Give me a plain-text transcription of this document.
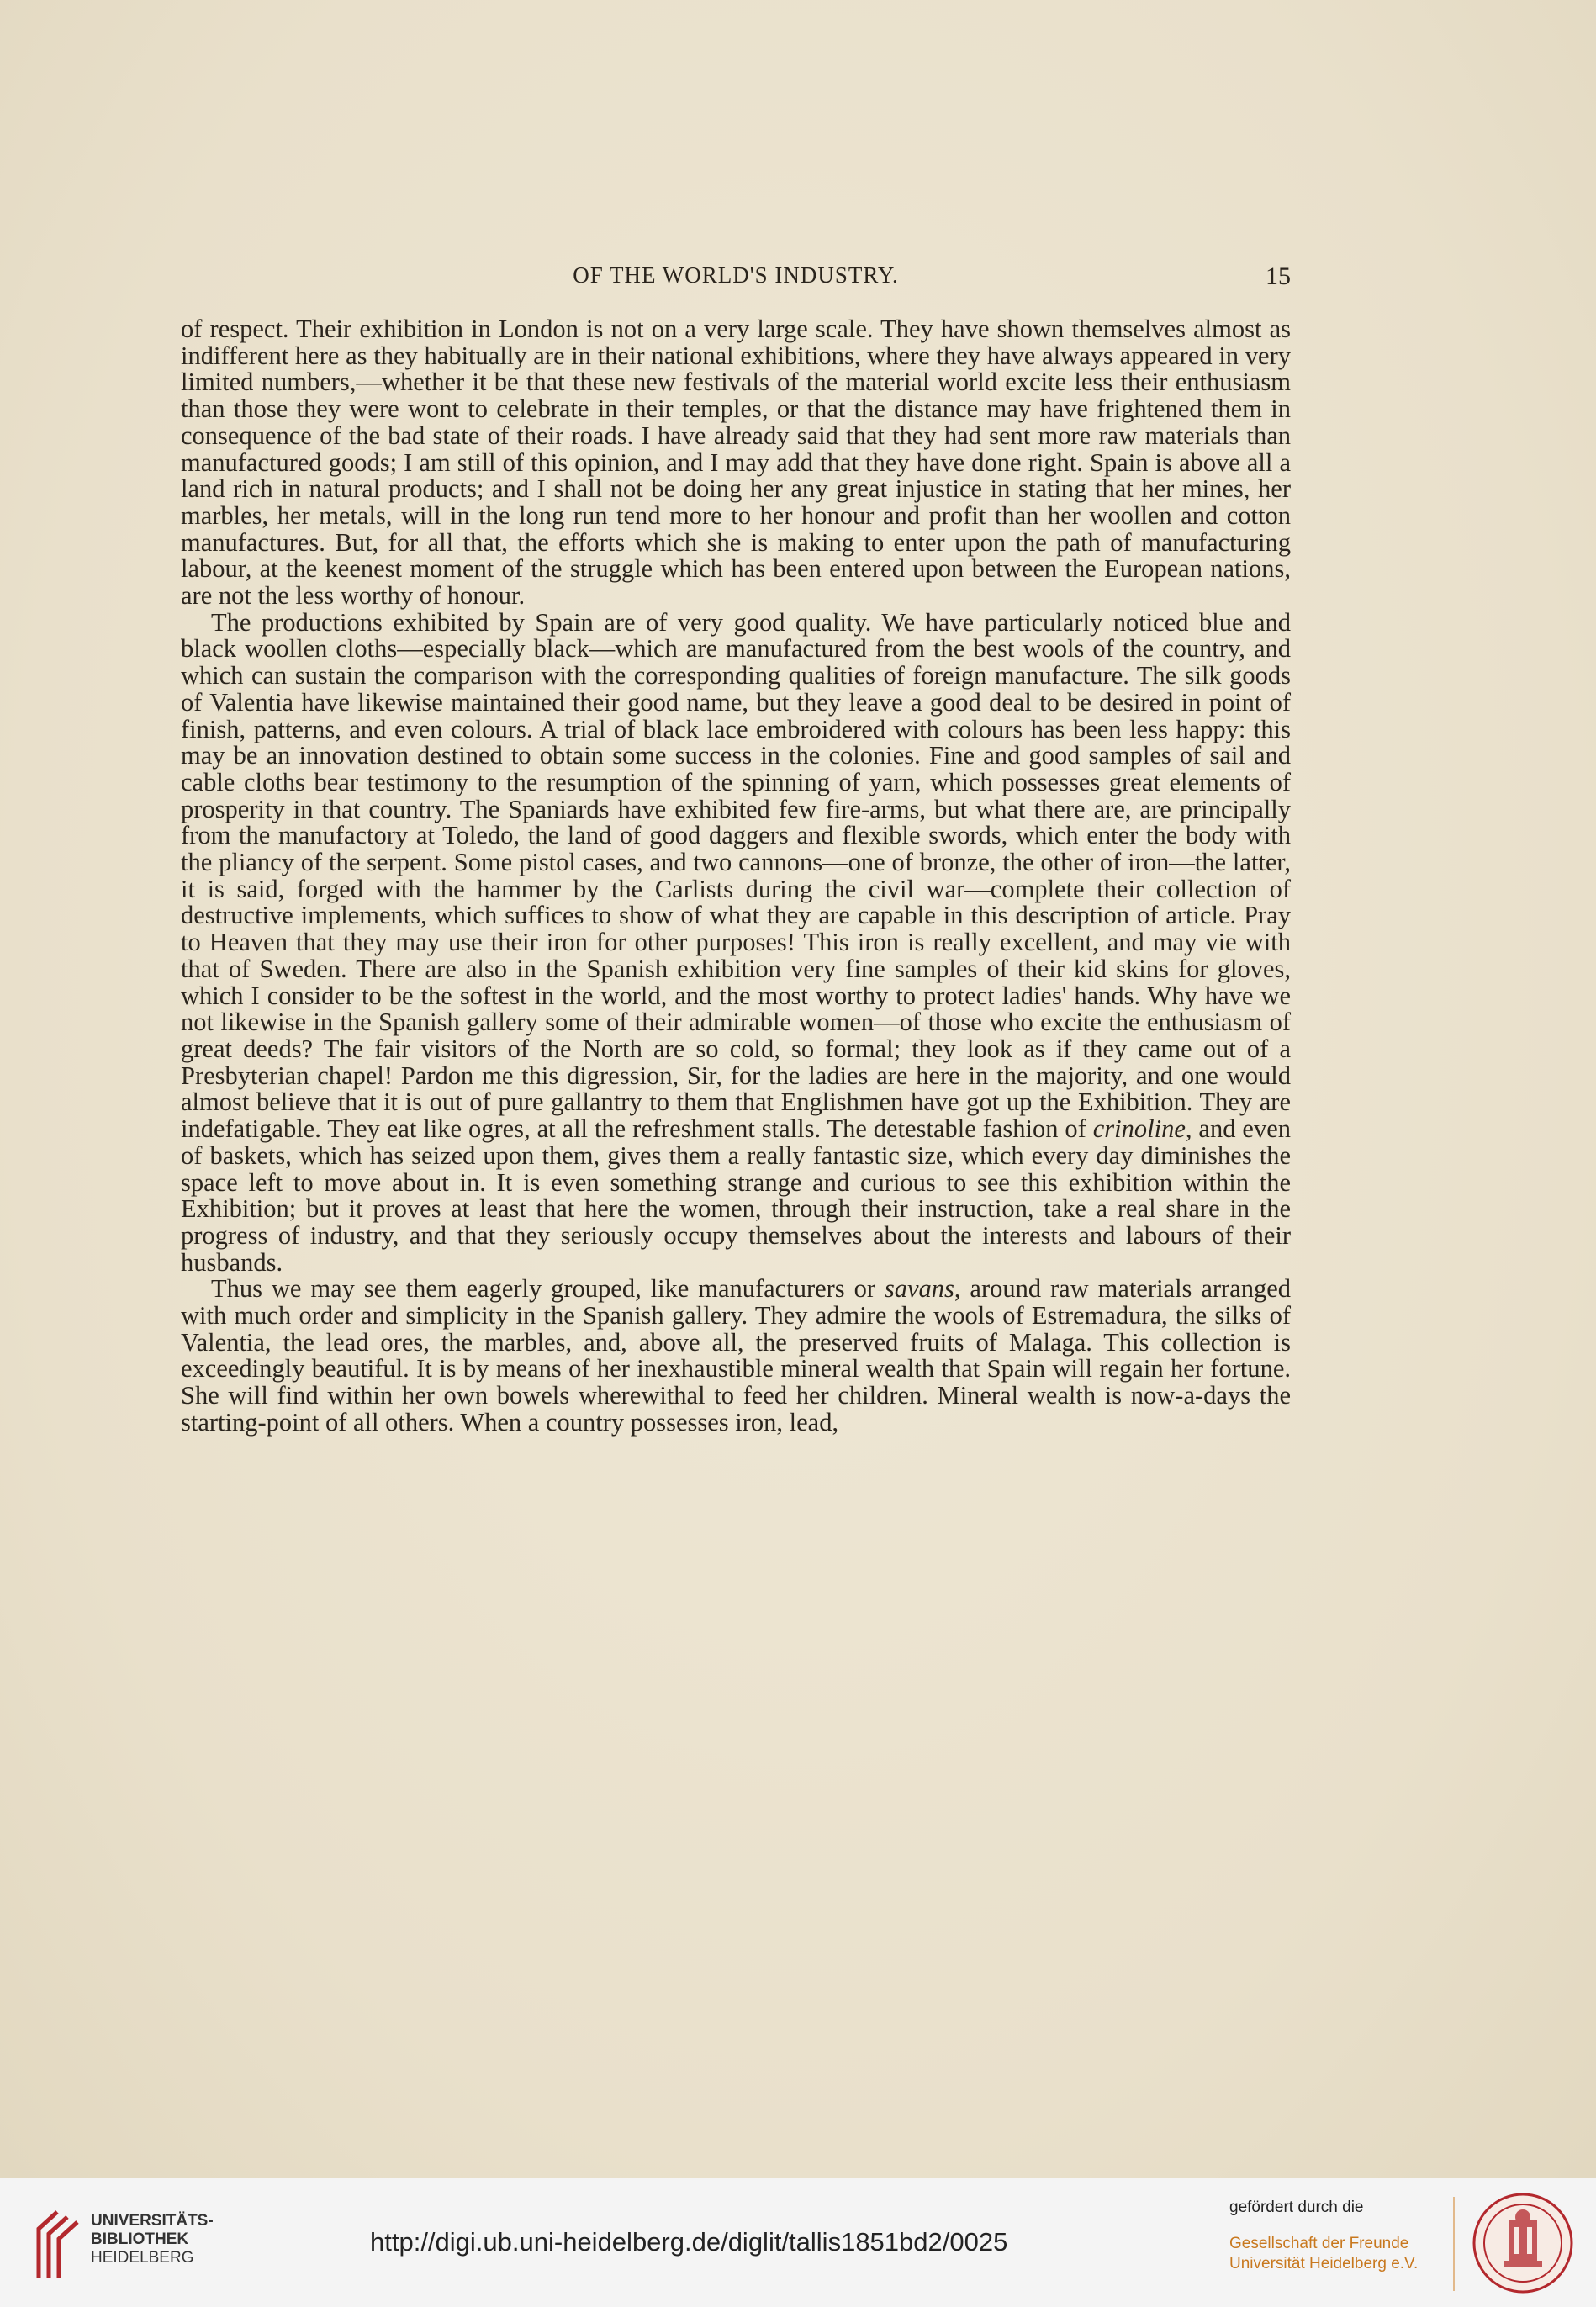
OF THE WORLD'S INDUSTRY.	15

of respect. Their exhibition in London is not on a very large scale. They have shown themselves almost as indifferent here as they habitually are in their national exhibitions, where they have always appeared in very limited numbers,—whether it be that these new festivals of the material world excite less their enthusiasm than those they were wont to celebrate in their temples, or that the distance may have frightened them in consequence of the bad state of their roads. I have already said that they had sent more raw materials than manufactured goods; I am still of this opinion, and I may add that they have done right. Spain is above all a land rich in natural products; and I shall not be doing her any great injustice in stating that her mines, her marbles, her metals, will in the long run tend more to her honour and profit than her woollen and cotton manufactures. But, for all that, the efforts which she is making to enter upon the path of manufacturing labour, at the keenest moment of the struggle which has been entered upon between the European nations, are not the less worthy of honour.

The productions exhibited by Spain are of very good quality. We have particularly noticed blue and black woollen cloths—especially black—which are manufactured from the best wools of the country, and which can sustain the comparison with the corresponding qualities of foreign manufacture. The silk goods of Valentia have likewise maintained their good name, but they leave a good deal to be desired in point of finish, patterns, and even colours. A trial of black lace embroidered with colours has been less happy: this may be an innovation destined to obtain some success in the colonies. Fine and good samples of sail and cable cloths bear testimony to the resumption of the spinning of yarn, which possesses great elements of prosperity in that country. The Spaniards have exhibited few fire-arms, but what there are, are principally from the manufactory at Toledo, the land of good daggers and flexible swords, which enter the body with the pliancy of the serpent. Some pistol cases, and two cannons—one of bronze, the other of iron—the latter, it is said, forged with the hammer by the Carlists during the civil war—complete their collection of destructive implements, which suffices to show of what they are capable in this description of article. Pray to Heaven that they may use their iron for other purposes! This iron is really excellent, and may vie with that of Sweden. There are also in the Spanish exhibition very fine samples of their kid skins for gloves, which I consider to be the softest in the world, and the most worthy to protect ladies' hands. Why have we not likewise in the Spanish gallery some of their admirable women—of those who excite the enthusiasm of great deeds? The fair visitors of the North are so cold, so formal; they look as if they came out of a Presbyterian chapel! Pardon me this digression, Sir, for the ladies are here in the majority, and one would almost believe that it is out of pure gallantry to them that Englishmen have got up the Exhibition. They are indefatigable. They eat like ogres, at all the refreshment stalls. The detestable fashion of crinoline, and even of baskets, which has seized upon them, gives them a really fantastic size, which every day diminishes the space left to move about in. It is even something strange and curious to see this exhibition within the Exhibition; but it proves at least that here the women, through their instruction, take a real share in the progress of industry, and that they seriously occupy themselves about the interests and labours of their husbands.

Thus we may see them eagerly grouped, like manufacturers or savans, around raw materials arranged with much order and simplicity in the Spanish gallery. They admire the wools of Estremadura, the silks of Valentia, the lead ores, the marbles, and, above all, the preserved fruits of Malaga. This collection is exceedingly beautiful. It is by means of her inexhaustible mineral wealth that Spain will regain her fortune. She will find within her own bowels wherewithal to feed her children. Mineral wealth is now-a-days the starting-point of all others. When a country possesses iron, lead,

UNIVERSITÄTS-
BIBLIOTHEK
HEIDELBERG
http://digi.ub.uni-heidelberg.de/diglit/tallis1851bd2/0025
gefördert durch die
Gesellschaft der Freunde
Universität Heidelberg e.V.
